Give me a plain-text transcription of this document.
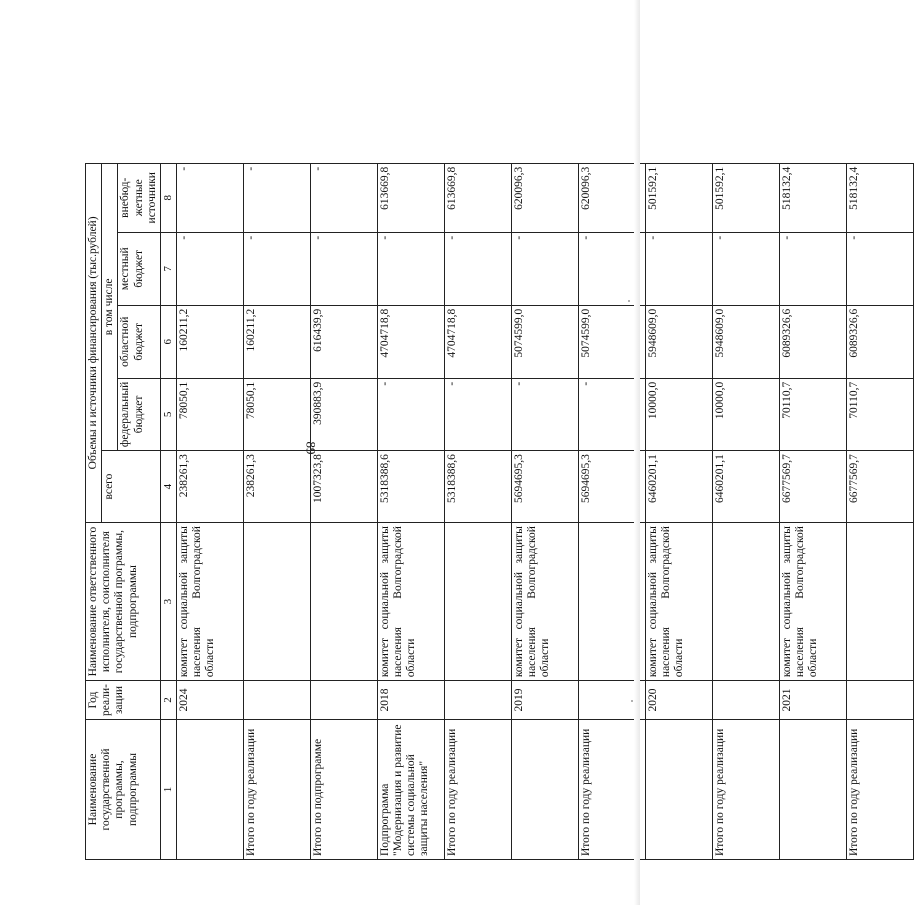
89
Наименование государственной программы, подпрограммы	Год реали-зации	Наименование ответственного исполнителя, соисполнителя государственной программы, подпрограммы	Объемы и источники финансирования (тыс.рублей)				
			всего	в том числе			
				федеральный бюджет	областной бюджет	местный бюджет	внебюд-жетные источники
1	2	3	4	5	6	7	8
	2024	комитет социальной защиты населения Волгоградской области	238261,3	78050,1	160211,2	-	-
Итого по году реализации			238261,3	78050,1	160211,2	-	-
Итого по подпрограмме			1007323,8	390883,9	616439,9	-	-
Подпрограмма "Модернизация и развитие системы социальной защиты населения"	2018	комитет социальной защиты населения Волгоградской области	5318388,6	-	4704718,8	-	613669,8
Итого по году реализации			5318388,6	-	4704718,8	-	613669,8
	2019	комитет социальной защиты населения Волгоградской области	5694695,3	-	5074599,0	-	620096,3
Итого по году реализации			5694695,3	-	5074599,0	-	620096,3
	2020	комитет социальной защиты населения Волгоградской области	6460201,1	10000,0	5948609,0	-	501592,1
Итого по году реализации			6460201,1	10000,0	5948609,0	-	501592,1
	2021	комитет социальной защиты населения Волгоградской области	6677569,7	70110,7	6089326,6	-	518132,4
Итого по году реализации			6677569,7	70110,7	6089326,6	-	518132,4
